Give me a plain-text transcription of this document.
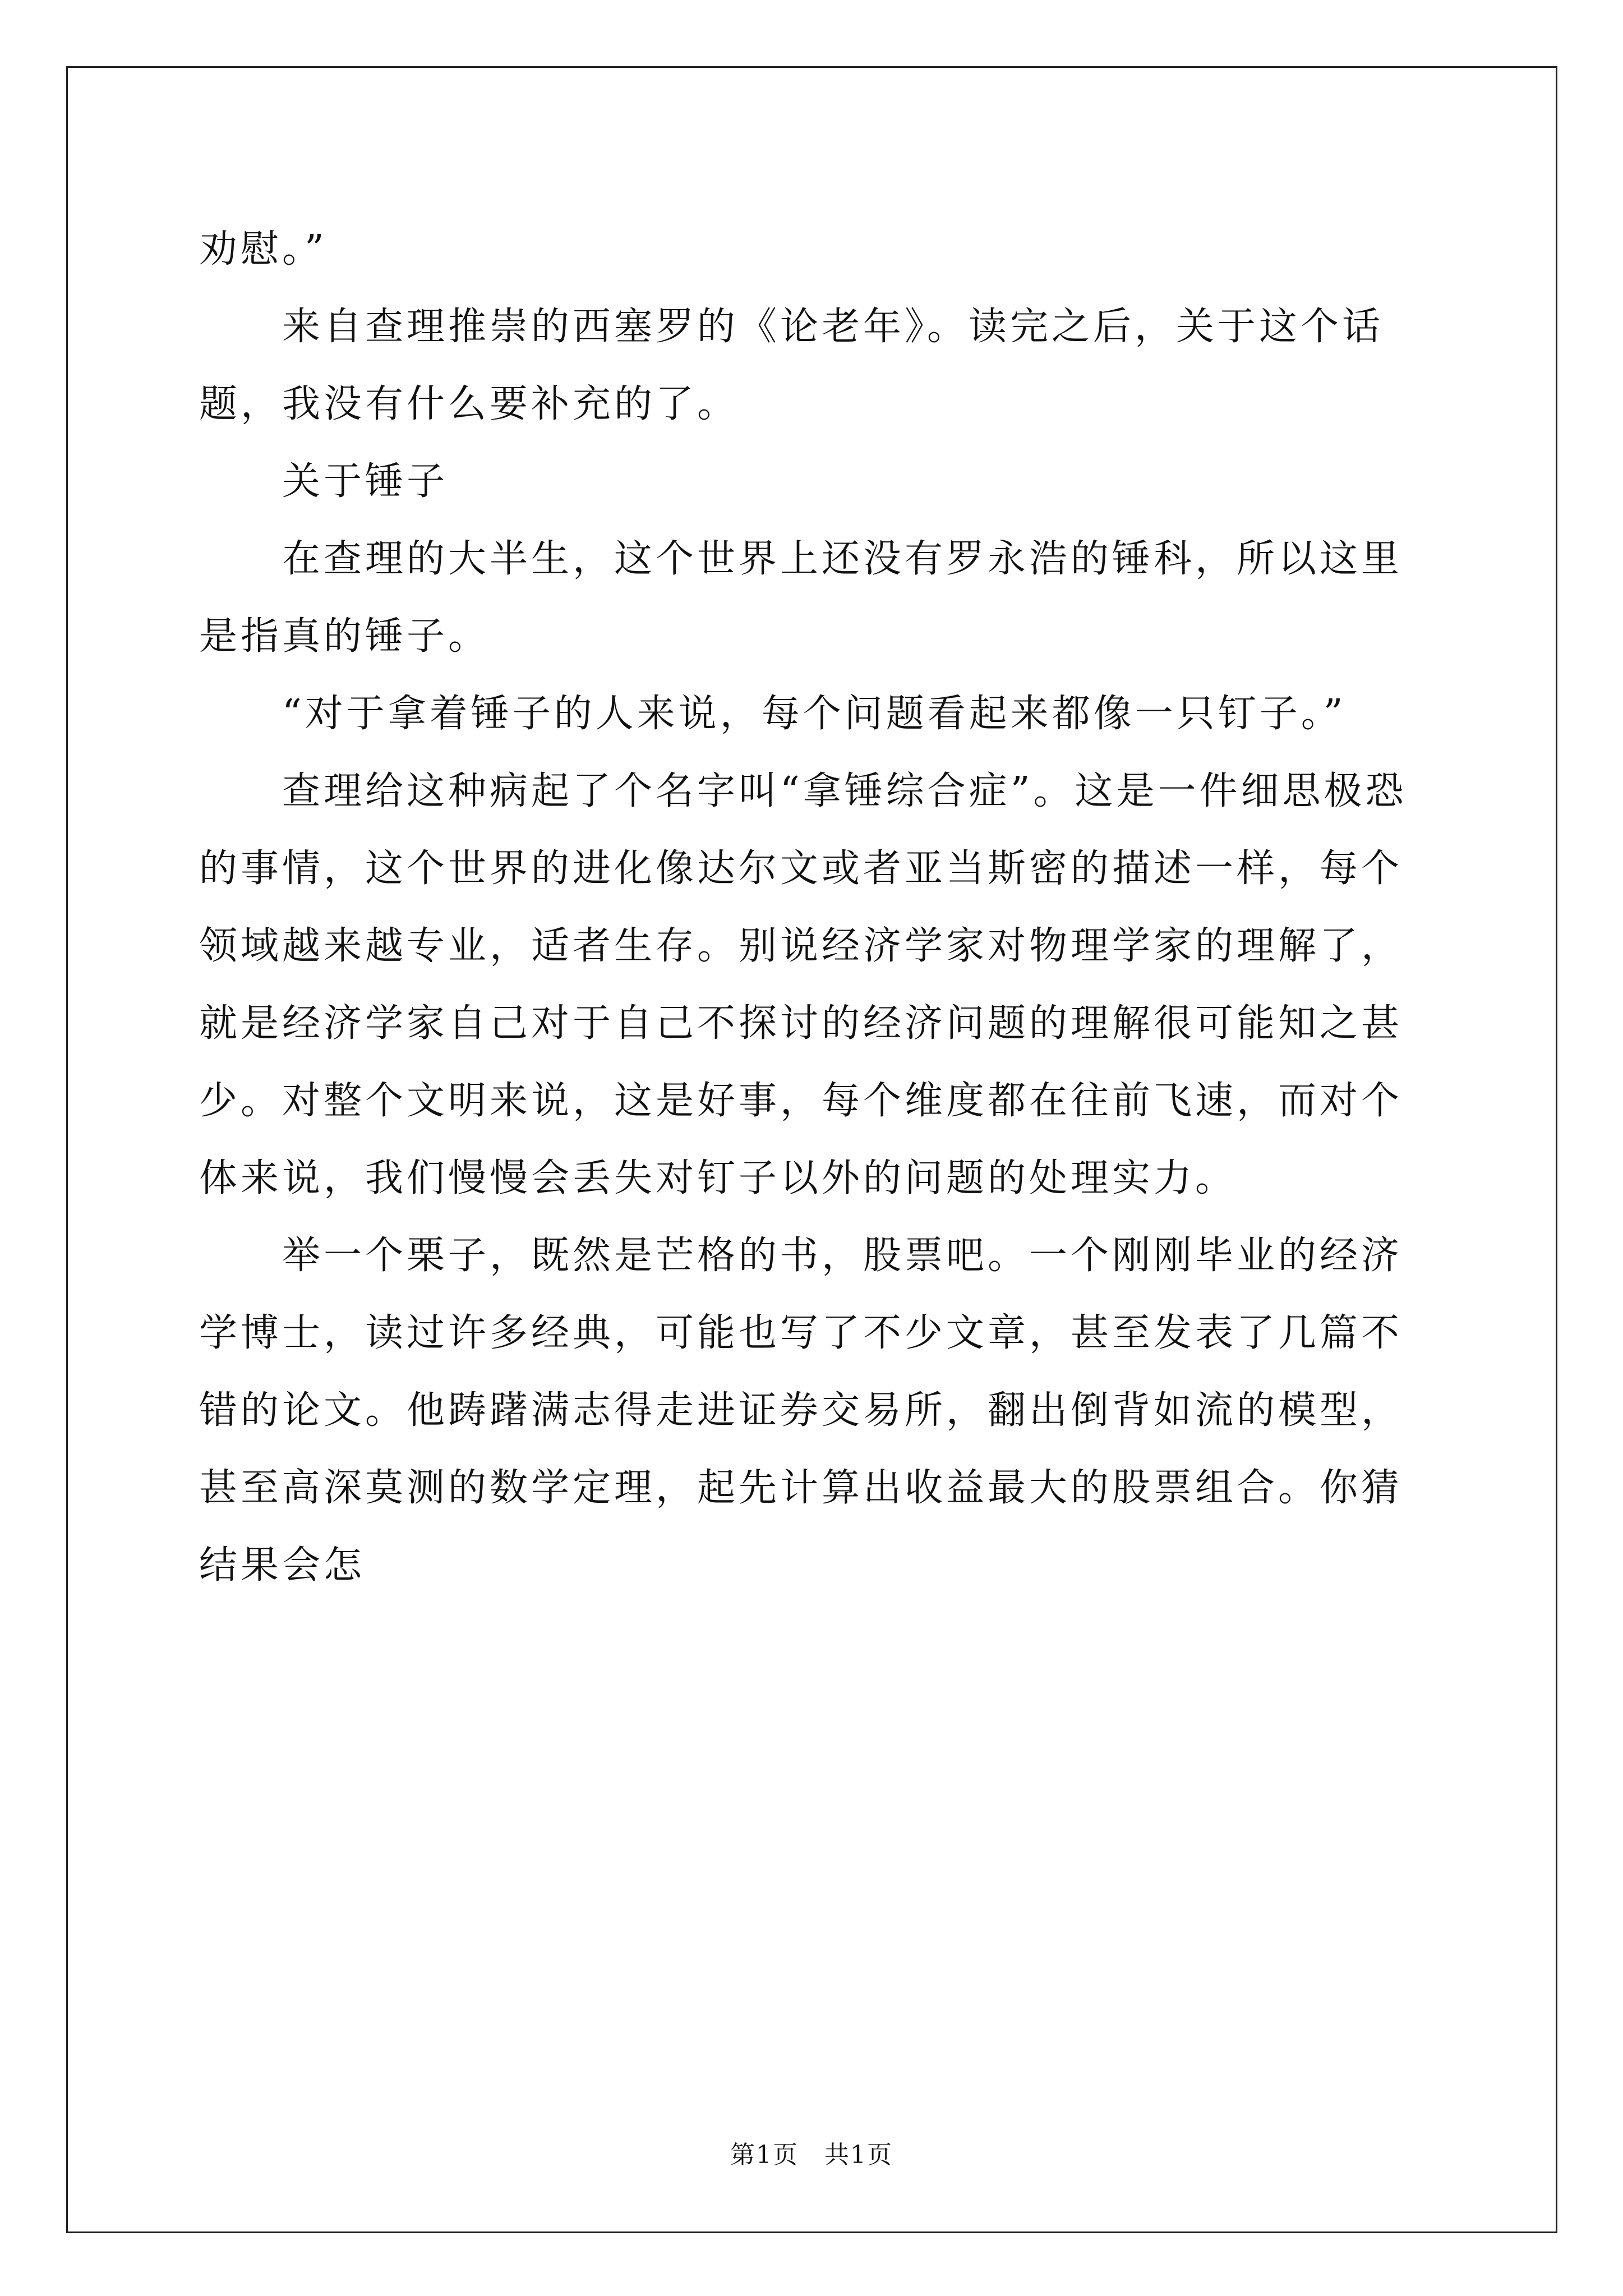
劝慰。”

来自查理推崇的西塞罗的《论老年》。读完之后，关于这个话题，我没有什么要补充的了。

关于锤子

在查理的大半生，这个世界上还没有罗永浩的锤科，所以这里是指真的锤子。

“对于拿着锤子的人来说，每个问题看起来都像一只钉子。”

查理给这种病起了个名字叫“拿锤综合症”。这是一件细思极恐的事情，这个世界的进化像达尔文或者亚当斯密的描述一样，每个领域越来越专业，适者生存。别说经济学家对物理学家的理解了，就是经济学家自己对于自己不探讨的经济问题的理解很可能知之甚少。对整个文明来说，这是好事，每个维度都在往前飞速，而对个体来说，我们慢慢会丢失对钉子以外的问题的处理实力。

举一个栗子，既然是芒格的书，股票吧。一个刚刚毕业的经济学博士，读过许多经典，可能也写了不少文章，甚至发表了几篇不错的论文。他踌躇满志得走进证券交易所，翻出倒背如流的模型，甚至高深莫测的数学定理，起先计算出收益最大的股票组合。你猜结果会怎

第1页　共1页
